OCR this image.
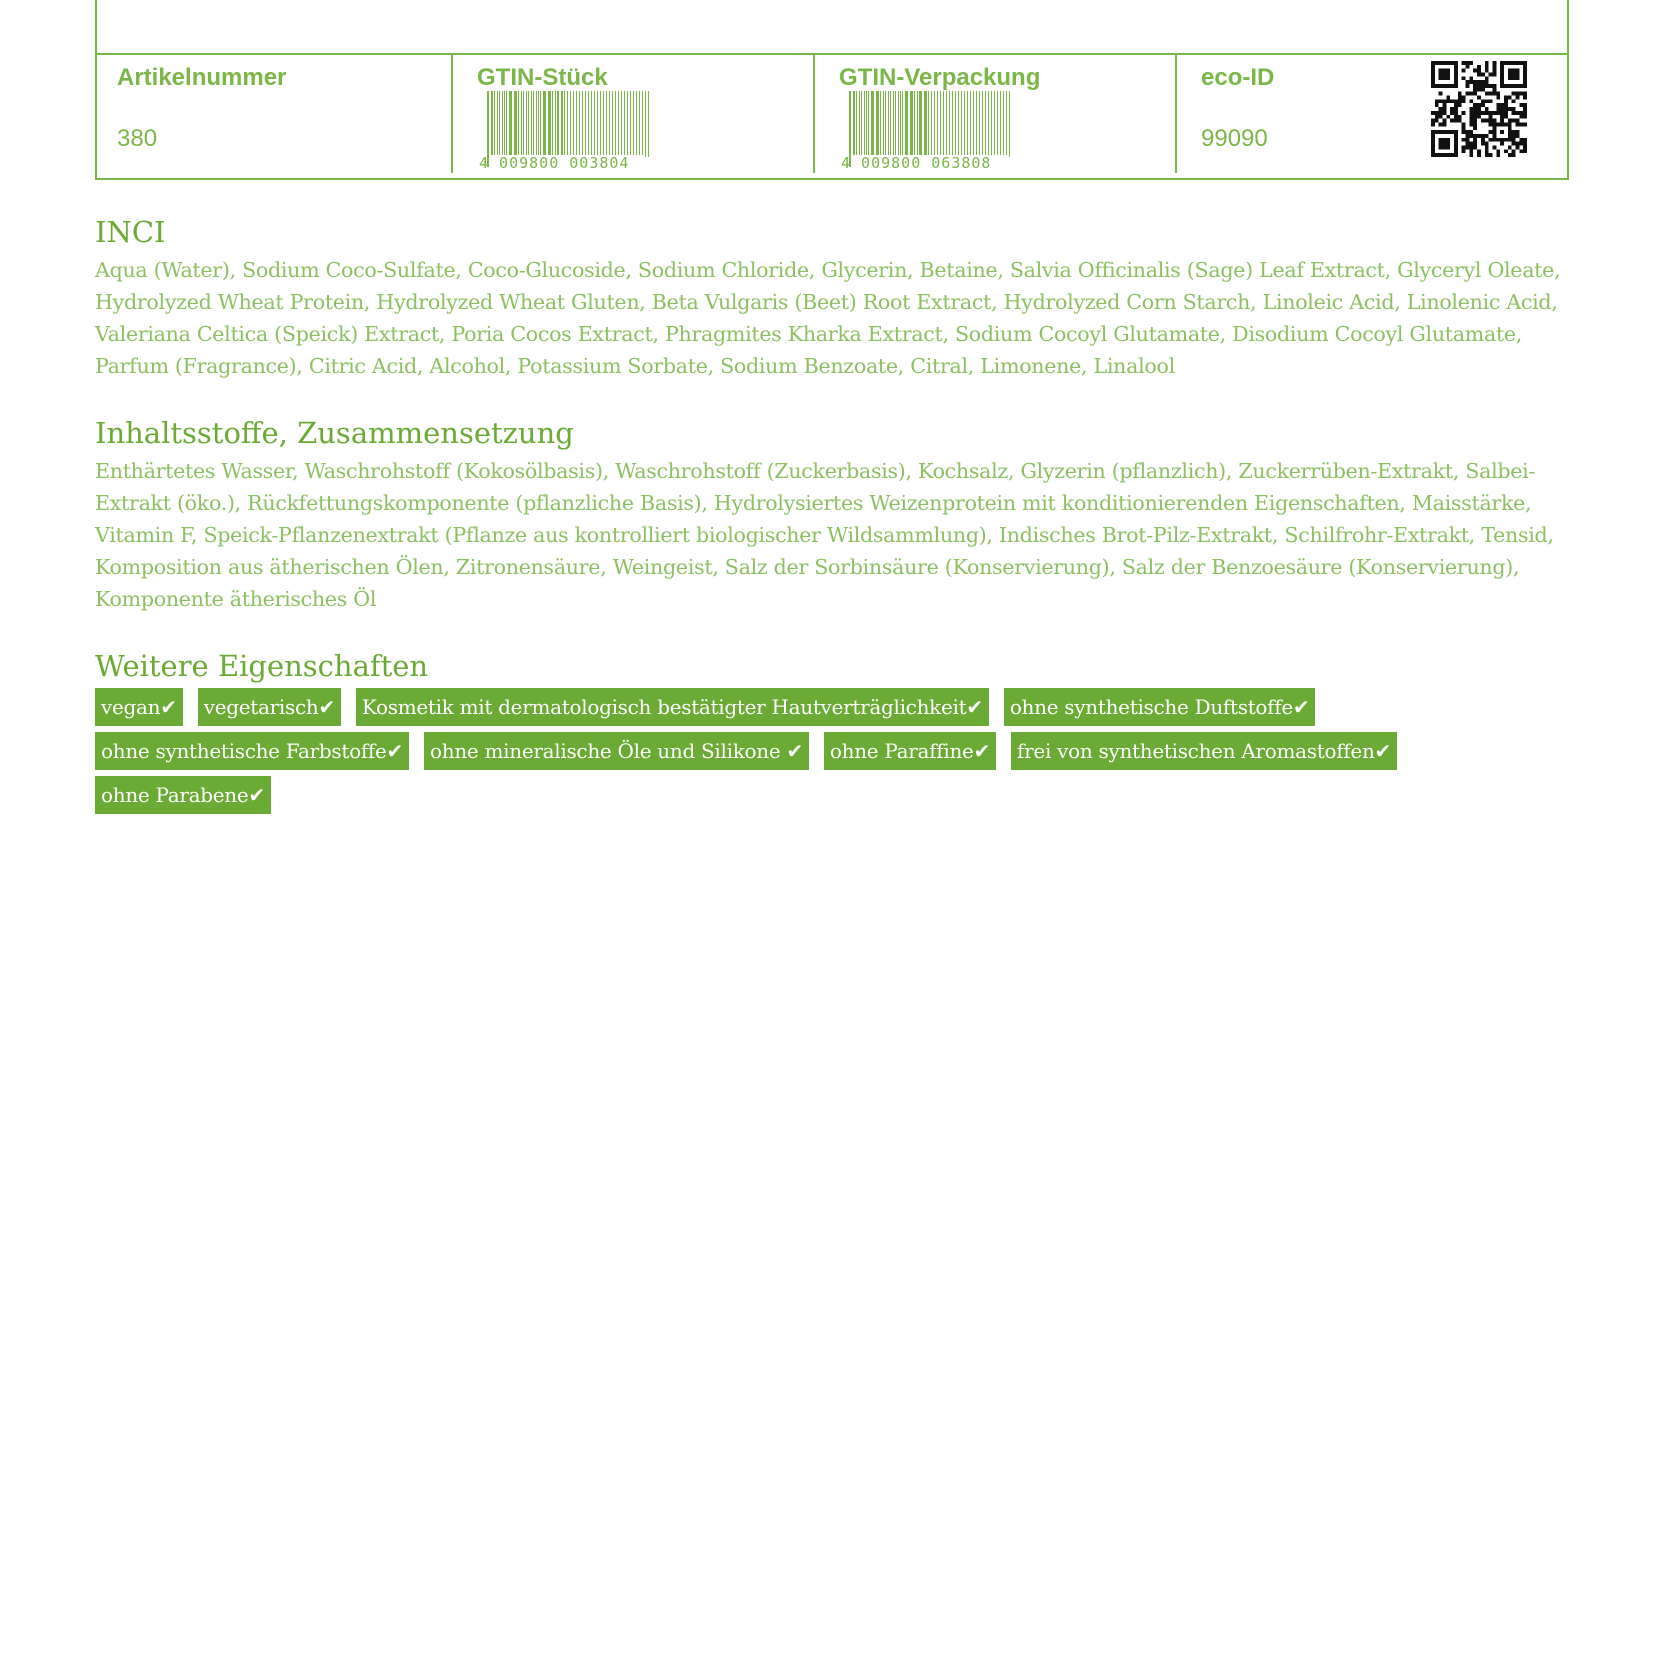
Artikelnummer
380
GTIN-Stück
4 009800 003804
GTIN-Verpackung
4 009800 063808
eco-ID
99090
INCI

Aqua (Water), Sodium Coco-Sulfate, Coco-Glucoside, Sodium Chloride, Glycerin, Betaine, Salvia Officinalis (Sage) Leaf Extract, Glyceryl Oleate, Hydrolyzed Wheat Protein, Hydrolyzed Wheat Gluten, Beta Vulgaris (Beet) Root Extract, Hydrolyzed Corn Starch, Linoleic Acid, Linolenic Acid, Valeriana Celtica (Speick) Extract, Poria Cocos Extract, Phragmites Kharka Extract, Sodium Cocoyl Glutamate, Disodium Cocoyl Glutamate, Parfum (Fragrance), Citric Acid, Alcohol, Potassium Sorbate, Sodium Benzoate, Citral, Limonene, Linalool

Inhaltsstoffe, Zusammensetzung

Enthärtetes Wasser, Waschrohstoff (Kokosölbasis), Waschrohstoff (Zuckerbasis), Kochsalz, Glyzerin (pflanzlich), Zuckerrüben-Extrakt, Salbei-Extrakt (öko.), Rückfettungskomponente (pflanzliche Basis), Hydrolysiertes Weizenprotein mit konditionierenden Eigenschaften, Maisstärke, Vitamin F, Speick-Pflanzenextrakt (Pflanze aus kontrolliert biologischer Wildsammlung), Indisches Brot-Pilz-Extrakt, Schilfrohr-Extrakt, Tensid, Komposition aus ätherischen Ölen, Zitronensäure, Weingeist, Salz der Sorbinsäure (Konservierung), Salz der Benzoesäure (Konservierung), Komponente ätherisches Öl

Weitere Eigenschaften
vegan✔	vegetarisch✔	Kosmetik mit dermatologisch bestätigter Hautverträglichkeit✔	ohne synthetische Duftstoffe✔
ohne synthetische Farbstoffe✔	ohne mineralische Öle und Silikone ✔	ohne Paraffine✔	frei von synthetischen Aromastoffen✔
ohne Parabene✔
